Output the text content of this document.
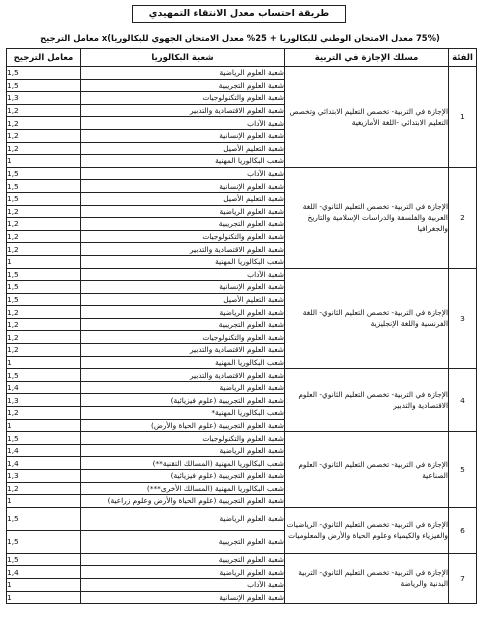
طريقة احتساب معدل الانتقاء التمهيدي
(75% معدل الامتحان الوطني للبكالوريا + 25% معدل الامتحان الجهوي للبكالوريا)x معامل الترجيح
الفئة	مسلك الإجازة في التربية	شعبة البكالوريا	معامل الترجيح
1	الإجازة في التربية- تخصص التعليم الابتدائي وتخصص التعليم الابتدائي -اللغة الأمازيغية	شعبة العلوم الرياضية	1,5
		شعبة العلوم التجريبية	1,5
		شعبة العلوم والتكنولوجيات	1,3
		شعبة العلوم الاقتصادية والتدبير	1,2
		شعبة الآداب	1,2
		شعبة العلوم الإنسانية	1,2
		شعبة التعليم الأصيل	1,2
		شعب البكالوريا المهنية	1
2	الإجازة في التربية- تخصص التعليم الثانوي- اللغة العربية والفلسفة والدراسات الإسلامية والتاريخ والجغرافيا	شعبة الآداب	1,5
		شعبة العلوم الإنسانية	1,5
		شعبة التعليم الأصيل	1,5
		شعبة العلوم الرياضية	1,2
		شعبة العلوم التجريبية	1,2
		شعبة العلوم والتكنولوجيات	1,2
		شعبة العلوم الاقتصادية والتدبير	1,2
		شعب البكالوريا المهنية	1
3	الإجازة في التربية- تخصص التعليم الثانوي- اللغة الفرنسية واللغة الإنجليزية	شعبة الآداب	1,5
		شعبة العلوم الإنسانية	1,5
		شعبة التعليم الأصيل	1,5
		شعبة العلوم الرياضية	1,2
		شعبة العلوم التجريبية	1,2
		شعبة العلوم والتكنولوجيات	1,2
		شعبة العلوم الاقتصادية والتدبير	1,2
		شعب البكالوريا المهنية	1
4	الإجازة في التربية- تخصص التعليم الثانوي- العلوم الاقتصادية والتدبير	شعبة العلوم الاقتصادية والتدبير	1,5
		شعبة العلوم الرياضية	1,4
		شعبة العلوم التجريبية (علوم فيزيائية)	1,3
		شعب البكالوريا المهنية*	1,2
		شعبة العلوم التجريبية (علوم الحياة والأرض)	1
5	الإجازة في التربية- تخصص التعليم الثانوي- العلوم الصناعية	شعبة العلوم والتكنولوجيات	1,5
		شعبة العلوم الرياضية	1,4
		شعب البكالوريا المهنية (المسالك التقنية**)	1,4
		شعبة العلوم التجريبية (علوم فيزيائية)	1,3
		شعب البكالوريا المهنية (المسالك الأخرى***)	1,2
		شعبة العلوم التجريبية (علوم الحياة والأرض وعلوم زراعية)	1
6	الإجازة في التربية- تخصص التعليم الثانوي- الرياضيات والفيزياء والكيمياء وعلوم الحياة والأرض والمعلوميات	شعبة العلوم الرياضية	1,5
		شعبة العلوم التجريبية	1,5
7	الإجازة في التربية- تخصص التعليم الثانوي- التربية البدنية والرياضة	شعبة العلوم التجريبية	1,5
		شعبة العلوم الرياضية	1,4
		شعبة الآداب	1
		شعبة العلوم الإنسانية	1
